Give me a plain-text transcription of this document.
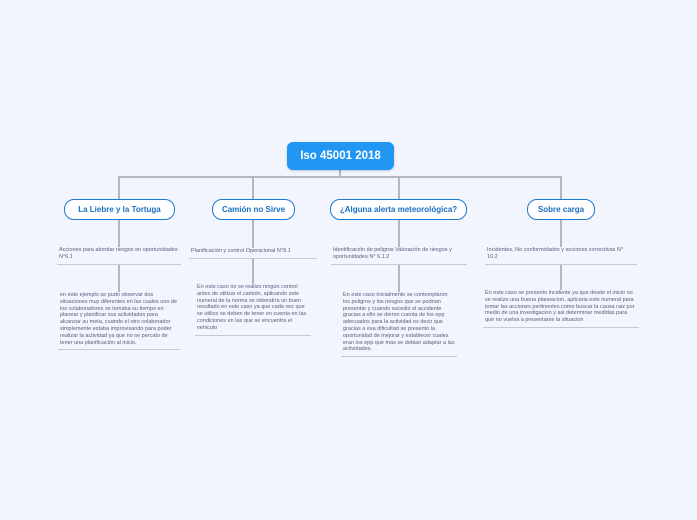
Iso 45001 2018
La Liebre y la Tortuga
Acciones para abordar riesgos en oportunidades N°6.1
en este ejemplo se pudo observar dos situaciones muy diferentes en las cuales uno de los colaboradores se tomaba su tiempo en planear y planificar sus actividades para alcanzar su meta, cuando el otro colaborador simplemente estaba improvisando para poder realizar la actividad ya que no se percato de tener una planificación al inicio.
Camión no Sirve
Planificación y control Operacional N°8.1
En este caso no se realizo ningún control antes de utilizar el camión, aplicando este numeral de la norma se obtendría un buen resultado en este caso ya que cada vez que se utilice se deben de tener en cuenta en las condiciones en las que se encuentra el vehiculo
¿Alguna alerta meteorológica?
Identificación de peligros Valoración de riesgos y oportunidades N° 6.1.2
En este caso inicialmente se contemplaron los peligros y los riesgos que se podrian presentar y cuando sucedió el accidente gracias a ello se dieron cuenta de los epp adecuados para la actividad es decir que gracias a esa dificultad se presento la oportunidad de mejorar y establecer cuales eran los epp que mas se debian adaptar a las actividades.
Sobre carga
Incidentes, No conformidades y acciones correctivas N° 10.2
En este caso se presento incidente ya que desde el inicio no se realizo una buena planeacion, aplicaria este numeral para tomar las acciones pertinentes como buscar la causa raiz por medio de una investigacion y asi determinar medidas para que no vuelva a presentarse la situacion
